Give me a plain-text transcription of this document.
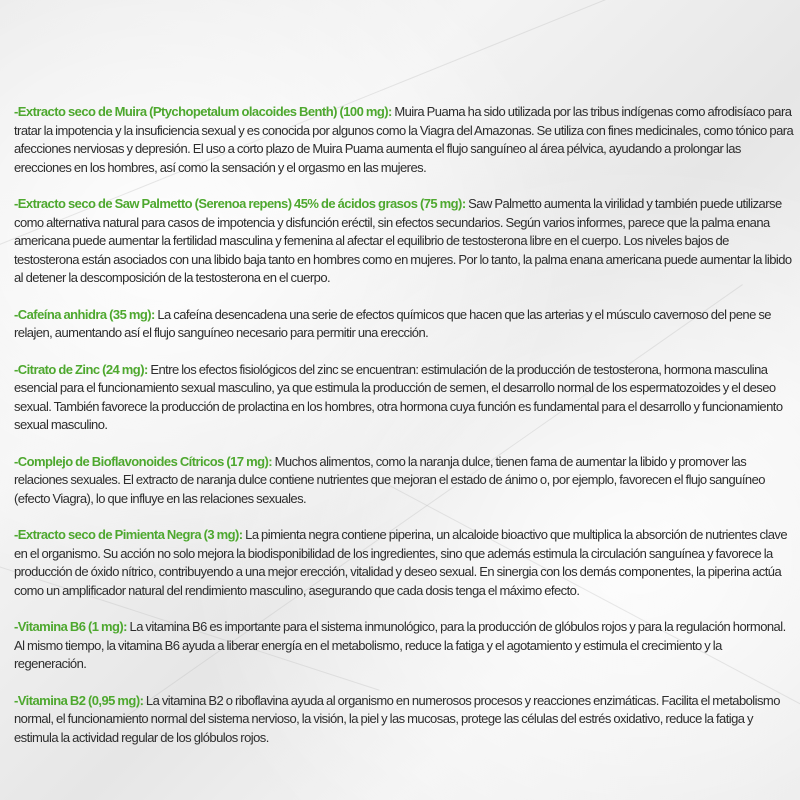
-Extracto seco de Muira (Ptychopetalum olacoides Benth) (100 mg): Muira Puama ha sido utilizada por las tribus indígenas como afrodisíaco para tratar la impotencia y la insuficiencia sexual y es conocida por algunos como la Viagra del Amazonas. Se utiliza con fines medicinales, como tónico para afecciones nerviosas y depresión. El uso a corto plazo de Muira Puama aumenta el flujo sanguíneo al área pélvica, ayudando a prolongar las erecciones en los hombres, así como la sensación y el orgasmo en las mujeres.
-Extracto seco de Saw Palmetto (Serenoa repens) 45% de ácidos grasos (75 mg): Saw Palmetto aumenta la virilidad y también puede utilizarse como alternativa natural para casos de impotencia y disfunción eréctil, sin efectos secundarios. Según varios informes, parece que la palma enana americana puede aumentar la fertilidad masculina y femenina al afectar el equilibrio de testosterona libre en el cuerpo. Los niveles bajos de testosterona están asociados con una libido baja tanto en hombres como en mujeres. Por lo tanto, la palma enana americana puede aumentar la libido al detener la descomposición de la testosterona en el cuerpo.
-Cafeína anhidra (35 mg): La cafeína desencadena una serie de efectos químicos que hacen que las arterias y el músculo cavernoso del pene se relajen, aumentando así el flujo sanguíneo necesario para permitir una erección.
-Citrato de Zinc (24 mg): Entre los efectos fisiológicos del zinc se encuentran: estimulación de la producción de testosterona, hormona masculina esencial para el funcionamiento sexual masculino, ya que estimula la producción de semen, el desarrollo normal de los espermatozoides y el deseo sexual. También favorece la producción de prolactina en los hombres, otra hormona cuya función es fundamental para el desarrollo y funcionamiento sexual masculino.
-Complejo de Bioflavonoides Cítricos (17 mg): Muchos alimentos, como la naranja dulce, tienen fama de aumentar la libido y promover las relaciones sexuales. El extracto de naranja dulce contiene nutrientes que mejoran el estado de ánimo o, por ejemplo, favorecen el flujo sanguíneo (efecto Viagra), lo que influye en las relaciones sexuales.
-Extracto seco de Pimienta Negra (3 mg): La pimienta negra contiene piperina, un alcaloide bioactivo que multiplica la absorción de nutrientes clave en el organismo. Su acción no solo mejora la biodisponibilidad de los ingredientes, sino que además estimula la circulación sanguínea y favorece la producción de óxido nítrico, contribuyendo a una mejor erección, vitalidad y deseo sexual. En sinergia con los demás componentes, la piperina actúa como un amplificador natural del rendimiento masculino, asegurando que cada dosis tenga el máximo efecto.
-Vitamina B6 (1 mg): La vitamina B6 es importante para el sistema inmunológico, para la producción de glóbulos rojos y para la regulación hormonal. Al mismo tiempo, la vitamina B6 ayuda a liberar energía en el metabolismo, reduce la fatiga y el agotamiento y estimula el crecimiento y la regeneración.
-Vitamina B2 (0,95 mg): La vitamina B2 o riboflavina ayuda al organismo en numerosos procesos y reacciones enzimáticas. Facilita el metabolismo normal, el funcionamiento normal del sistema nervioso, la visión, la piel y las mucosas, protege las células del estrés oxidativo, reduce la fatiga y estimula la actividad regular de los glóbulos rojos.
